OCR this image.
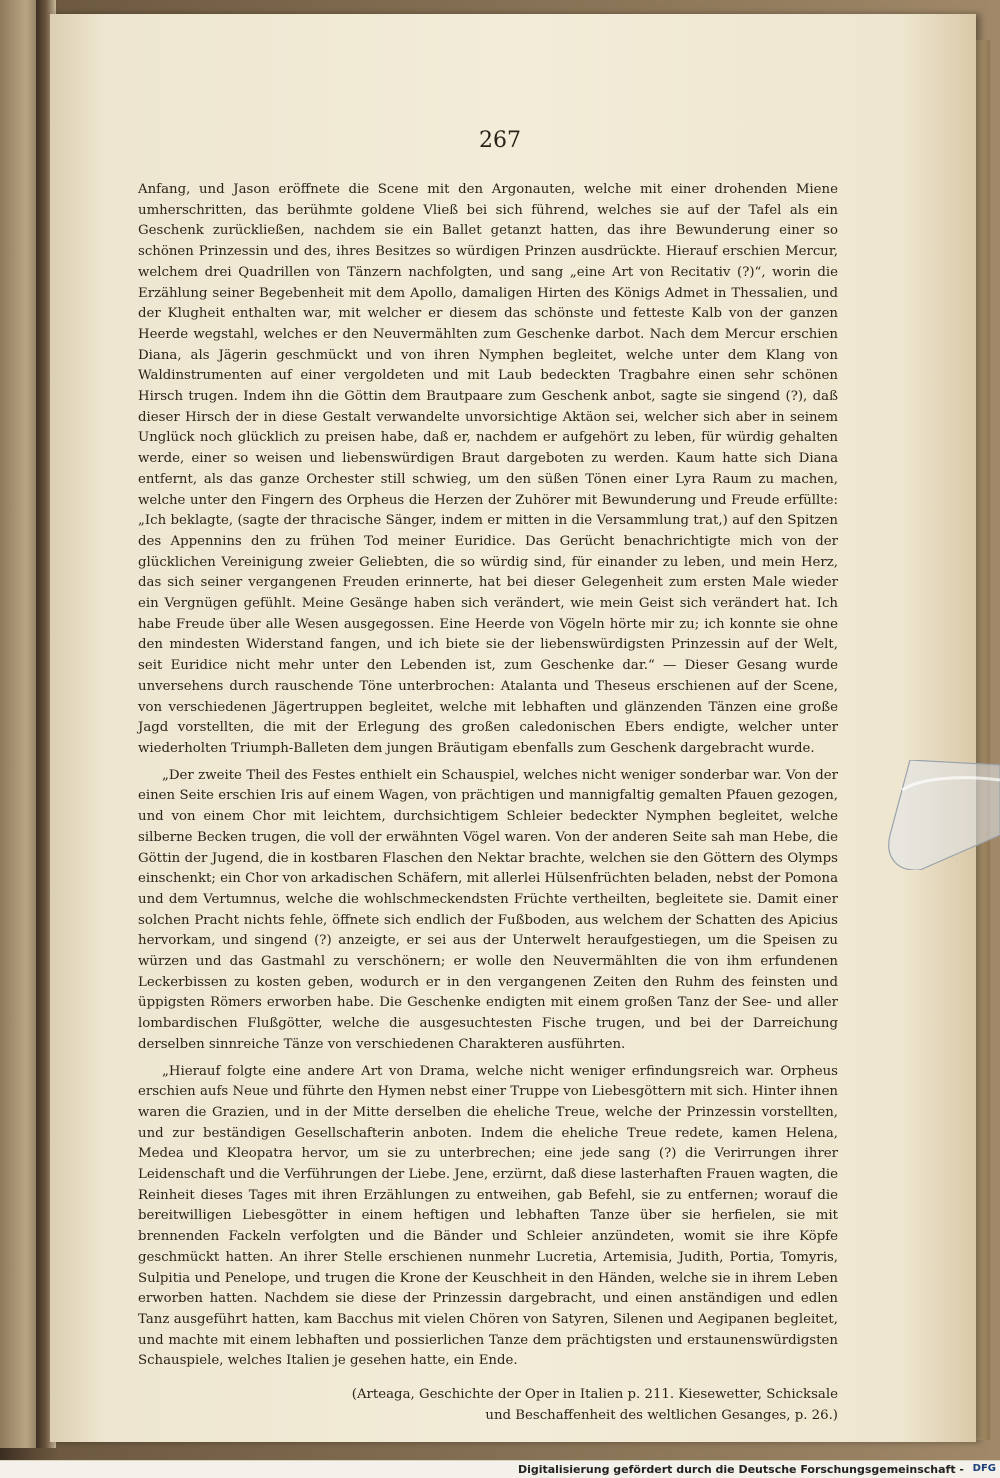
267

Anfang, und Jason eröffnete die Scene mit den Argonauten, welche mit einer drohenden Miene umherschritten, das berühmte goldene Vließ bei sich führend, welches sie auf der Tafel als ein Geschenk zurückließen, nachdem sie ein Ballet getanzt hatten, das ihre Bewunderung einer so schönen Prinzessin und des, ihres Besitzes so würdigen Prinzen ausdrückte. Hierauf erschien Mercur, welchem drei Quadrillen von Tänzern nachfolgten, und sang „eine Art von Recitativ (?)“, worin die Erzählung seiner Begebenheit mit dem Apollo, damaligen Hirten des Königs Admet in Thessalien, und der Klugheit enthalten war, mit welcher er diesem das schönste und fetteste Kalb von der ganzen Heerde wegstahl, welches er den Neuvermählten zum Geschenke darbot. Nach dem Mercur erschien Diana, als Jägerin geschmückt und von ihren Nymphen begleitet, welche unter dem Klang von Waldinstrumenten auf einer vergoldeten und mit Laub bedeckten Tragbahre einen sehr schönen Hirsch trugen. Indem ihn die Göttin dem Brautpaare zum Geschenk anbot, sagte sie singend (?), daß dieser Hirsch der in diese Gestalt verwandelte unvorsichtige Aktäon sei, welcher sich aber in seinem Unglück noch glücklich zu preisen habe, daß er, nachdem er aufgehört zu leben, für würdig gehalten werde, einer so weisen und liebenswürdigen Braut dargeboten zu werden. Kaum hatte sich Diana entfernt, als das ganze Orchester still schwieg, um den süßen Tönen einer Lyra Raum zu machen, welche unter den Fingern des Orpheus die Herzen der Zuhörer mit Bewunderung und Freude erfüllte: „Ich beklagte, (sagte der thracische Sänger, indem er mitten in die Versammlung trat,) auf den Spitzen des Appennins den zu frühen Tod meiner Euridice. Das Gerücht benachrichtigte mich von der glücklichen Vereinigung zweier Geliebten, die so würdig sind, für einander zu leben, und mein Herz, das sich seiner vergangenen Freuden erinnerte, hat bei dieser Gelegenheit zum ersten Male wieder ein Vergnügen gefühlt. Meine Gesänge haben sich verändert, wie mein Geist sich verändert hat. Ich habe Freude über alle Wesen ausgegossen. Eine Heerde von Vögeln hörte mir zu; ich konnte sie ohne den mindesten Widerstand fangen, und ich biete sie der liebenswürdigsten Prinzessin auf der Welt, seit Euridice nicht mehr unter den Lebenden ist, zum Geschenke dar.“ — Dieser Gesang wurde unversehens durch rauschende Töne unterbrochen: Atalanta und Theseus erschienen auf der Scene, von verschiedenen Jägertruppen begleitet, welche mit lebhaften und glänzenden Tänzen eine große Jagd vorstellten, die mit der Erlegung des großen caledonischen Ebers endigte, welcher unter wiederholten Triumph-Balleten dem jungen Bräutigam ebenfalls zum Geschenk dargebracht wurde.

„Der zweite Theil des Festes enthielt ein Schauspiel, welches nicht weniger sonderbar war. Von der einen Seite erschien Iris auf einem Wagen, von prächtigen und mannigfaltig gemalten Pfauen gezogen, und von einem Chor mit leichtem, durchsichtigem Schleier bedeckter Nymphen begleitet, welche silberne Becken trugen, die voll der erwähnten Vögel waren. Von der anderen Seite sah man Hebe, die Göttin der Jugend, die in kostbaren Flaschen den Nektar brachte, welchen sie den Göttern des Olymps einschenkt; ein Chor von arkadischen Schäfern, mit allerlei Hülsenfrüchten beladen, nebst der Pomona und dem Vertumnus, welche die wohlschmeckendsten Früchte vertheilten, begleitete sie. Damit einer solchen Pracht nichts fehle, öffnete sich endlich der Fußboden, aus welchem der Schatten des Apicius hervorkam, und singend (?) anzeigte, er sei aus der Unterwelt heraufgestiegen, um die Speisen zu würzen und das Gastmahl zu verschönern; er wolle den Neuvermählten die von ihm erfundenen Leckerbissen zu kosten geben, wodurch er in den vergangenen Zeiten den Ruhm des feinsten und üppigsten Römers erworben habe. Die Geschenke endigten mit einem großen Tanz der See- und aller lombardischen Flußgötter, welche die ausgesuchtesten Fische trugen, und bei der Darreichung derselben sinnreiche Tänze von verschiedenen Charakteren ausführten.

„Hierauf folgte eine andere Art von Drama, welche nicht weniger erfindungsreich war. Orpheus erschien aufs Neue und führte den Hymen nebst einer Truppe von Liebesgöttern mit sich. Hinter ihnen waren die Grazien, und in der Mitte derselben die eheliche Treue, welche der Prinzessin vorstellten, und zur beständigen Gesellschafterin anboten. Indem die eheliche Treue redete, kamen Helena, Medea und Kleopatra hervor, um sie zu unterbrechen; eine jede sang (?) die Verirrungen ihrer Leidenschaft und die Verführungen der Liebe. Jene, erzürnt, daß diese lasterhaften Frauen wagten, die Reinheit dieses Tages mit ihren Erzählungen zu entweihen, gab Befehl, sie zu entfernen; worauf die bereitwilligen Liebesgötter in einem heftigen und lebhaften Tanze über sie herfielen, sie mit brennenden Fackeln verfolgten und die Bänder und Schleier anzündeten, womit sie ihre Köpfe geschmückt hatten. An ihrer Stelle erschienen nunmehr Lucretia, Artemisia, Judith, Portia, Tomyris, Sulpitia und Penelope, und trugen die Krone der Keuschheit in den Händen, welche sie in ihrem Leben erworben hatten. Nachdem sie diese der Prinzessin dargebracht, und einen anständigen und edlen Tanz ausgeführt hatten, kam Bacchus mit vielen Chören von Satyren, Silenen und Aegipanen begleitet, und machte mit einem lebhaften und possierlichen Tanze dem prächtigsten und erstaunenswürdigsten Schauspiele, welches Italien je gesehen hatte, ein Ende.

(Arteaga, Geschichte der Oper in Italien p. 211. Kiesewetter, Schicksale
und Beschaffenheit des weltlichen Gesanges, p. 26.)
Digitalisierung gefördert durch die Deutsche Forschungsgemeinschaft - DFG
